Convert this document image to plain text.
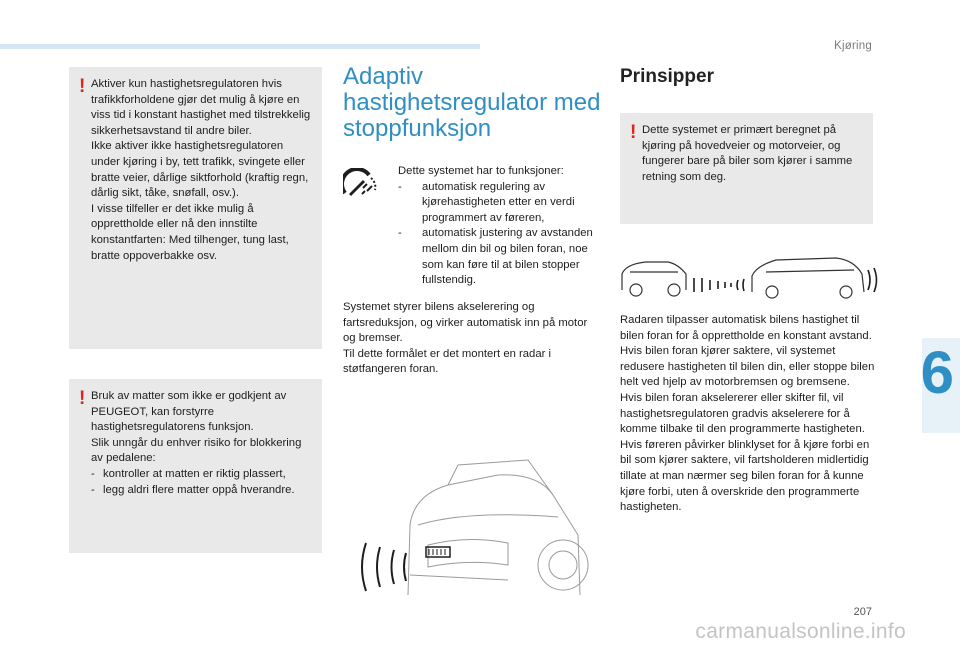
Kjøring
6
! Aktiver kun hastighetsregulatoren hvis trafikkforholdene gjør det mulig å kjøre en viss tid i konstant hastighet med tilstrekkelig sikkerhetsavstand til andre biler.

Ikke aktiver ikke hastighetsregulatoren under kjøring i by, tett trafikk, svingete eller bratte veier, dårlige siktforhold (kraftig regn, dårlig sikt, tåke, snøfall, osv.).

I visse tilfeller er det ikke mulig å opprettholde eller nå den innstilte konstantfarten: Med tilhenger, tung last, bratte oppoverbakke osv.

! Bruk av matter som ikke er godkjent av PEUGEOT, kan forstyrre hastighetsregulatorens funksjon.

Slik unngår du enhver risiko for blokkering av pedalene:

- kontroller at matten er riktig plassert,
- legg aldri flere matter oppå hverandre.
Adaptiv hastighetsregulator med stoppfunksjon

Dette systemet har to funksjoner:

-	automatisk regulering av kjørehastigheten etter en verdi programmert av føreren,
-	automatisk justering av avstanden mellom din bil og bilen foran, noe som kan føre til at bilen stopper fullstendig.

Systemet styrer bilens akselerering og fartsreduksjon, og virker automatisk inn på motor og bremser.

Til dette formålet er det montert en radar i støtfangeren foran.

Prinsipper
! Dette systemet er primært beregnet på kjøring på hovedveier og motorveier, og fungerer bare på biler som kjører i samme retning som deg.

Radaren tilpasser automatisk bilens hastighet til bilen foran for å opprettholde en konstant avstand.

Hvis bilen foran kjører saktere, vil systemet redusere hastigheten til bilen din, eller stoppe bilen helt ved hjelp av motorbremsen og bremsene.

Hvis bilen foran akselererer eller skifter fil, vil hastighetsregulatoren gradvis akselerere for å komme tilbake til den programmerte hastigheten.

Hvis føreren påvirker blinklyset for å kjøre forbi en bil som kjører saktere, vil fartsholderen midlertidig tillate at man nærmer seg bilen foran for å kunne kjøre forbi, uten å overskride den programmerte hastigheten.

207
carmanualsonline.info
